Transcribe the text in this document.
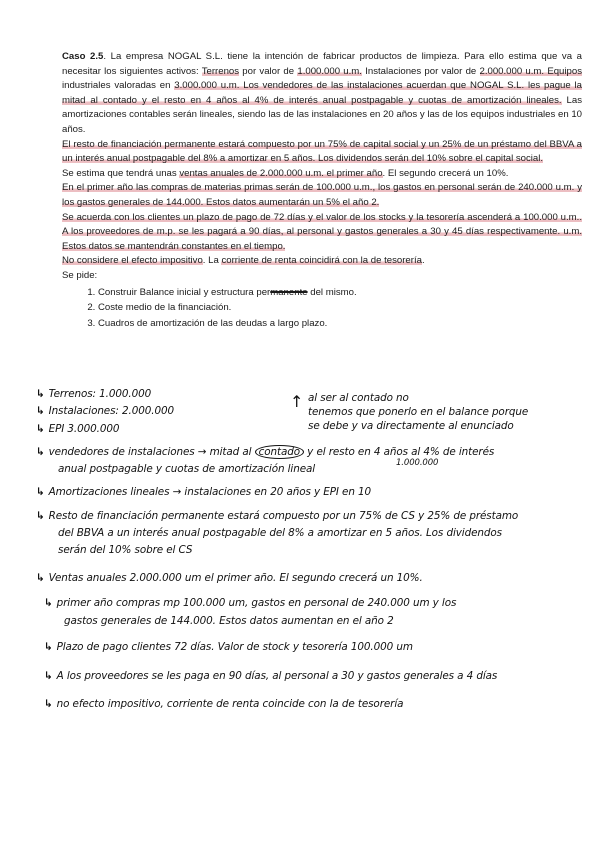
Caso 2.5. La empresa NOGAL S.L. tiene la intención de fabricar productos de limpieza. Para ello estima que va a necesitar los siguientes activos: Terrenos por valor de 1.000.000 u.m. Instalaciones por valor de 2.000.000 u.m. Equipos industriales valoradas en 3.000.000 u.m. Los vendedores de las instalaciones acuerdan que NOGAL S.L. les pague la mitad al contado y el resto en 4 años al 4% de interés anual postpagable y cuotas de amortización lineales. Las amortizaciones contables serán lineales, siendo las de las instalaciones en 20 años y las de los equipos industriales en 10 años.

El resto de financiación permanente estará compuesto por un 75% de capital social y un 25% de un préstamo del BBVA a un interés anual postpagable del 8% a amortizar en 5 años. Los dividendos serán del 10% sobre el capital social.

Se estima que tendrá unas ventas anuales de 2.000.000 u.m. el primer año. El segundo crecerá un 10%.

En el primer año las compras de materias primas serán de 100.000 u.m., los gastos en personal serán de 240.000 u.m. y los gastos generales de 144.000. Estos datos aumentarán un 5% el año 2.

Se acuerda con los clientes un plazo de pago de 72 días y el valor de los stocks y la tesorería ascenderá a 100.000 u.m.. A los proveedores de m.p. se les pagará a 90 días, al personal y gastos generales a 30 y 45 días respectivamente. u.m. Estos datos se mantendrán constantes en el tiempo.

No considere el efecto impositivo. La corriente de renta coincidirá con la de tesorería.

Se pide:

1. Construir Balance inicial y estructura permanente del mismo.
2. Coste medio de la financiación.
3. Cuadros de amortización de las deudas a largo plazo.
↳ Terrenos: 1.000.000
↳ Instalaciones: 2.000.000
↳ EPI 3.000.000
↑ al ser al contado no
tenemos que ponerlo en el balance porque
se debe y va directamente al enunciado
↳ vendedores de instalaciones → mitad al contado y el resto en 4 años al 4% de interés
anual postpagable y cuotas de amortización lineal	1.000.000
↳ Amortizaciones lineales → instalaciones en 20 años y EPI en 10
↳ Resto de financiación permanente estará compuesto por un 75% de CS y 25% de préstamo
del BBVA a un interés anual postpagable del 8% a amortizar en 5 años. Los dividendos
serán del 10% sobre el CS
↳ Ventas anuales 2.000.000 um el primer año. El segundo crecerá un 10%.
↳ primer año compras mp 100.000 um, gastos en personal de 240.000 um y los
gastos generales de 144.000. Estos datos aumentan en el año 2
↳ Plazo de pago clientes 72 días. Valor de stock y tesorería 100.000 um
↳ A los proveedores se les paga en 90 días, al personal a 30 y gastos generales a 4 días
↳ no efecto impositivo, corriente de renta coincide con la de tesorería
